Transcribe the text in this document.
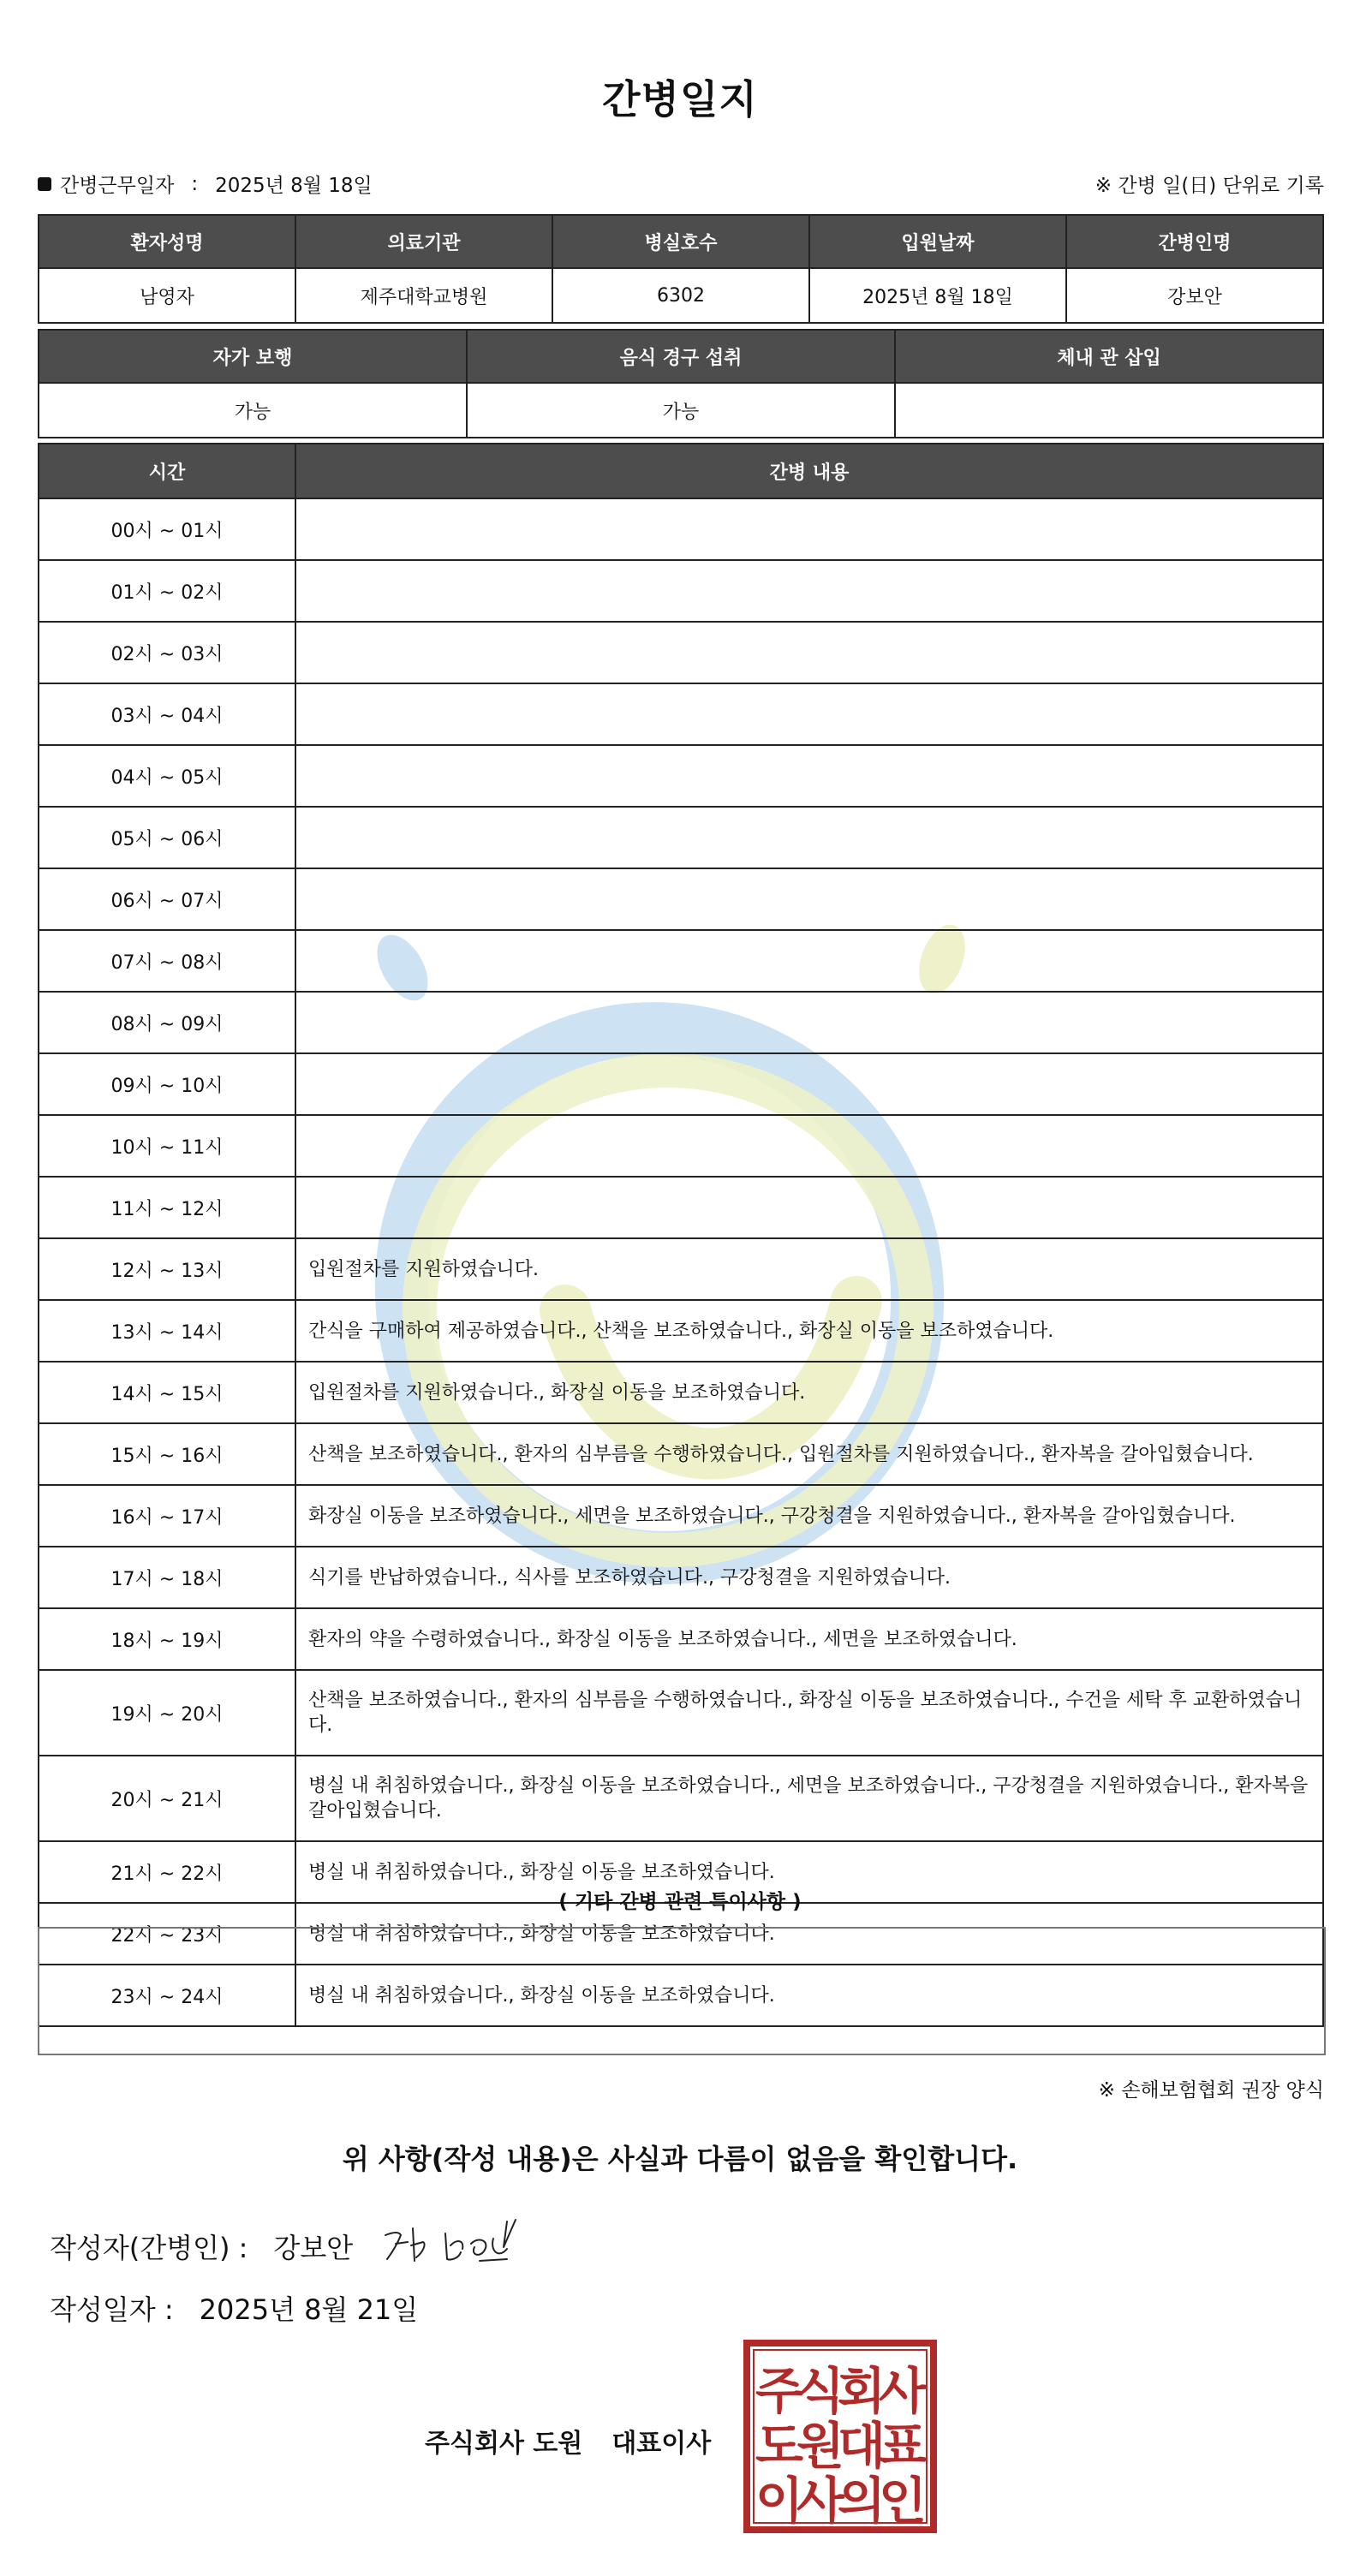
간병일지
간병근무일자 : 2025년 8월 18일	※ 간병 일(日) 단위로 기록
환자성명	의료기관	병실호수	입원날짜	간병인명
남영자	제주대학교병원	6302	2025년 8월 18일	강보안
자가 보행	음식 경구 섭취	체내 관 삽입
가능	가능	
시간	간병 내용
00시 ~ 01시	
01시 ~ 02시	
02시 ~ 03시	
03시 ~ 04시	
04시 ~ 05시	
05시 ~ 06시	
06시 ~ 07시	
07시 ~ 08시	
08시 ~ 09시	
09시 ~ 10시	
10시 ~ 11시	
11시 ~ 12시	
12시 ~ 13시	입원절차를 지원하였습니다.
13시 ~ 14시	간식을 구매하여 제공하였습니다., 산책을 보조하였습니다., 화장실 이동을 보조하였습니다.
14시 ~ 15시	입원절차를 지원하였습니다., 화장실 이동을 보조하였습니다.
15시 ~ 16시	산책을 보조하였습니다., 환자의 심부름을 수행하였습니다., 입원절차를 지원하였습니다., 환자복을 갈아입혔습니다.
16시 ~ 17시	화장실 이동을 보조하였습니다., 세면을 보조하였습니다., 구강청결을 지원하였습니다., 환자복을 갈아입혔습니다.
17시 ~ 18시	식기를 반납하였습니다., 식사를 보조하였습니다., 구강청결을 지원하였습니다.
18시 ~ 19시	환자의 약을 수령하였습니다., 화장실 이동을 보조하였습니다., 세면을 보조하였습니다.
19시 ~ 20시	산책을 보조하였습니다., 환자의 심부름을 수행하였습니다., 화장실 이동을 보조하였습니다., 수건을 세탁 후 교환하였습니다.
20시 ~ 21시	병실 내 취침하였습니다., 화장실 이동을 보조하였습니다., 세면을 보조하였습니다., 구강청결을 지원하였습니다., 환자복을 갈아입혔습니다.
21시 ~ 22시	병실 내 취침하였습니다., 화장실 이동을 보조하였습니다.
22시 ~ 23시	병실 내 취침하였습니다., 화장실 이동을 보조하였습니다.
23시 ~ 24시	병실 내 취침하였습니다., 화장실 이동을 보조하였습니다.
( 기타 간병 관련 특이사항 )
※ 손해보험협회 권장 양식
위 사항(작성 내용)은 사실과 다름이 없음을 확인합니다.
작성자(간병인) : 강보안
작성일자 : 2025년 8월 21일
주식회사 도원 대표이사
주
식
회
사
도
원
대
표
이
사
의
인
